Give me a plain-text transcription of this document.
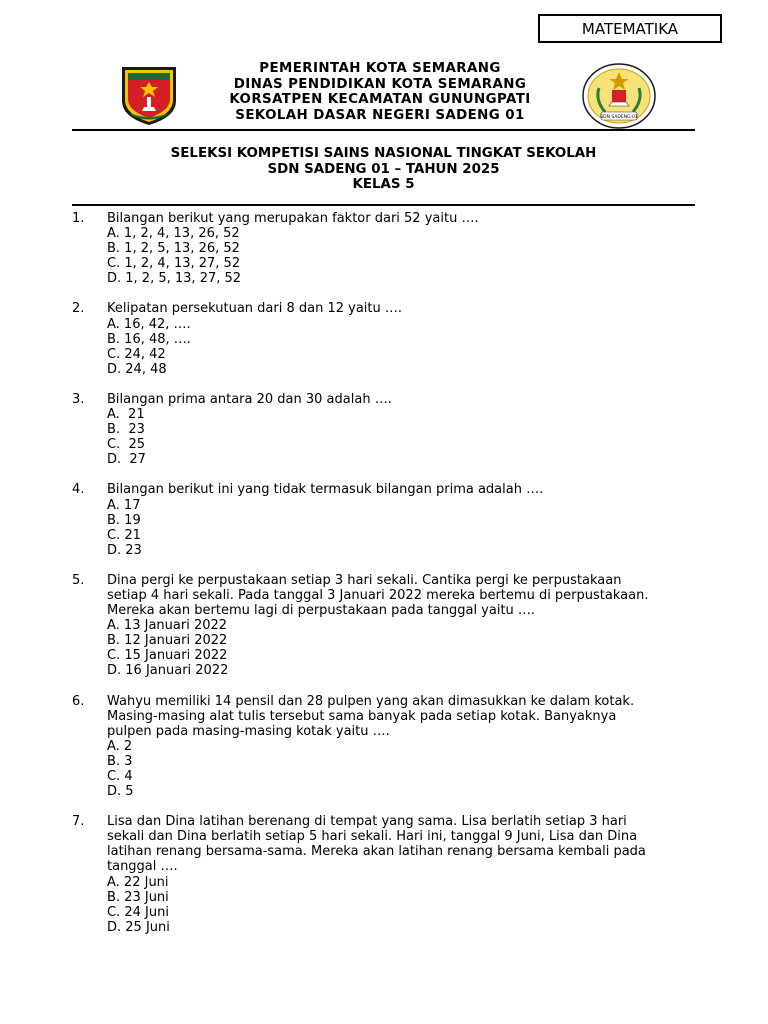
MATEMATIKA
PEMERINTAH KOTA SEMARANG
DINAS PENDIDIKAN KOTA SEMARANG
KORSATPEN KECAMATAN GUNUNGPATI
SEKOLAH DASAR NEGERI SADENG 01	SDN SADENG 01
SELEKSI KOMPETISI SAINS NASIONAL TINGKAT SEKOLAH
SDN SADENG 01 – TAHUN 2025
KELAS 5
1. Bilangan berikut yang merupakan faktor dari 52 yaitu ….
A. 1, 2, 4, 13, 26, 52
B. 1, 2, 5, 13, 26, 52
C. 1, 2, 4, 13, 27, 52
D. 1, 2, 5, 13, 27, 52
2. Kelipatan persekutuan dari 8 dan 12 yaitu ….
A. 16, 42, ….
B. 16, 48, ….
C. 24, 42
D. 24, 48
3. Bilangan prima antara 20 dan 30 adalah ….
A.  21
B.  23
C.  25
D.  27
4. Bilangan berikut ini yang tidak termasuk bilangan prima adalah ….
A. 17
B. 19
C. 21
D. 23
5. Dina pergi ke perpustakaan setiap 3 hari sekali. Cantika pergi ke perpustakaan
setiap 4 hari sekali. Pada tanggal 3 Januari 2022 mereka bertemu di perpustakaan.
Mereka akan bertemu lagi di perpustakaan pada tanggal yaitu ….
A. 13 Januari 2022
B. 12 Januari 2022
C. 15 Januari 2022
D. 16 Januari 2022
6. Wahyu memiliki 14 pensil dan 28 pulpen yang akan dimasukkan ke dalam kotak.
Masing-masing alat tulis tersebut sama banyak pada setiap kotak. Banyaknya
pulpen pada masing-masing kotak yaitu ….
A. 2
B. 3
C. 4
D. 5
7. Lisa dan Dina latihan berenang di tempat yang sama. Lisa berlatih setiap 3 hari
sekali dan Dina berlatih setiap 5 hari sekali. Hari ini, tanggal 9 Juni, Lisa dan Dina
latihan renang bersama-sama. Mereka akan latihan renang bersama kembali pada
tanggal ….
A. 22 Juni
B. 23 Juni
C. 24 Juni
D. 25 Juni
